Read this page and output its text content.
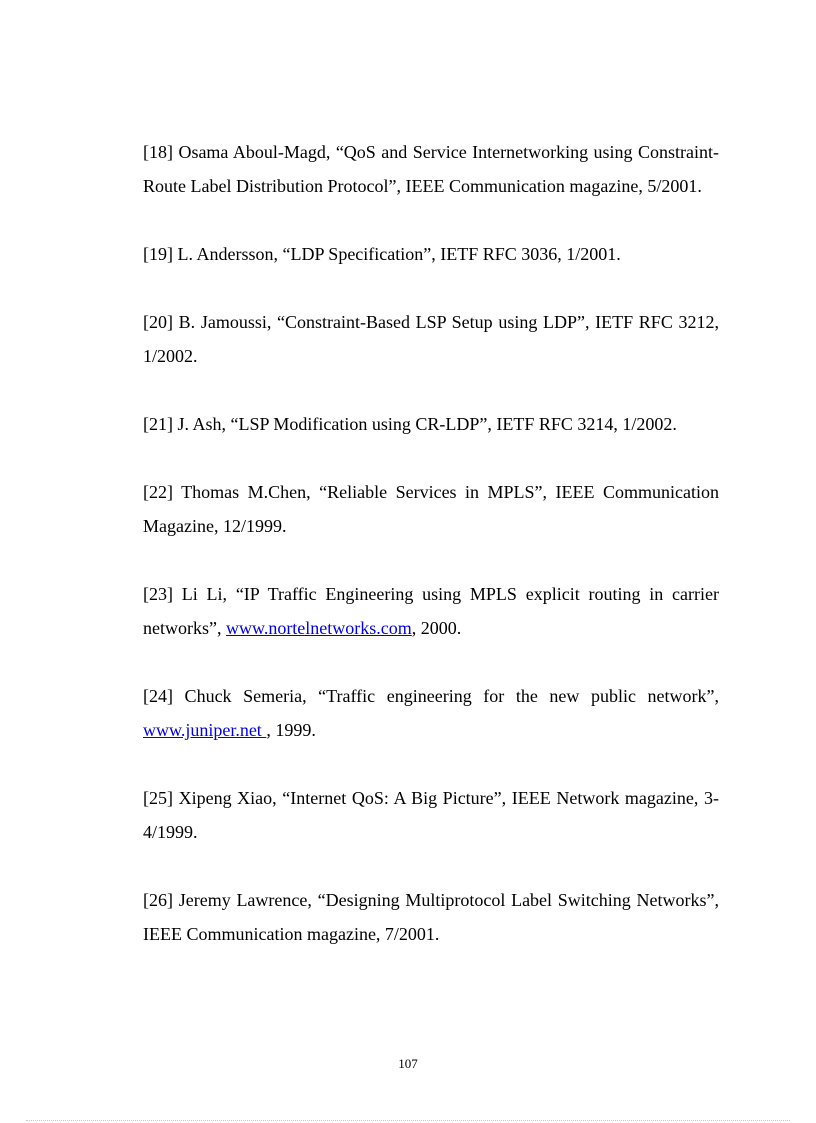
[18] Osama Aboul-Magd, “QoS and Service Internetworking using Constraint-Route Label Distribution Protocol”, IEEE Communication magazine, 5/2001.

[19] L. Andersson, “LDP Specification”, IETF RFC 3036, 1/2001.

[20] B. Jamoussi, “Constraint-Based LSP Setup using LDP”, IETF RFC 3212, 1/2002.

[21] J. Ash, “LSP Modification using CR-LDP”, IETF RFC 3214, 1/2002.

[22] Thomas M.Chen, “Reliable Services in MPLS”, IEEE Communication Magazine, 12/1999.

[23] Li Li, “IP Traffic Engineering using MPLS explicit routing in carrier networks”, www.nortelnetworks.com, 2000.

[24] Chuck Semeria, “Traffic engineering for the new public network”, www.juniper.net , 1999.

[25] Xipeng Xiao, “Internet QoS: A Big Picture”, IEEE Network magazine, 3-4/1999.

[26] Jeremy Lawrence, “Designing Multiprotocol Label Switching Networks”, IEEE Communication magazine, 7/2001.

107
